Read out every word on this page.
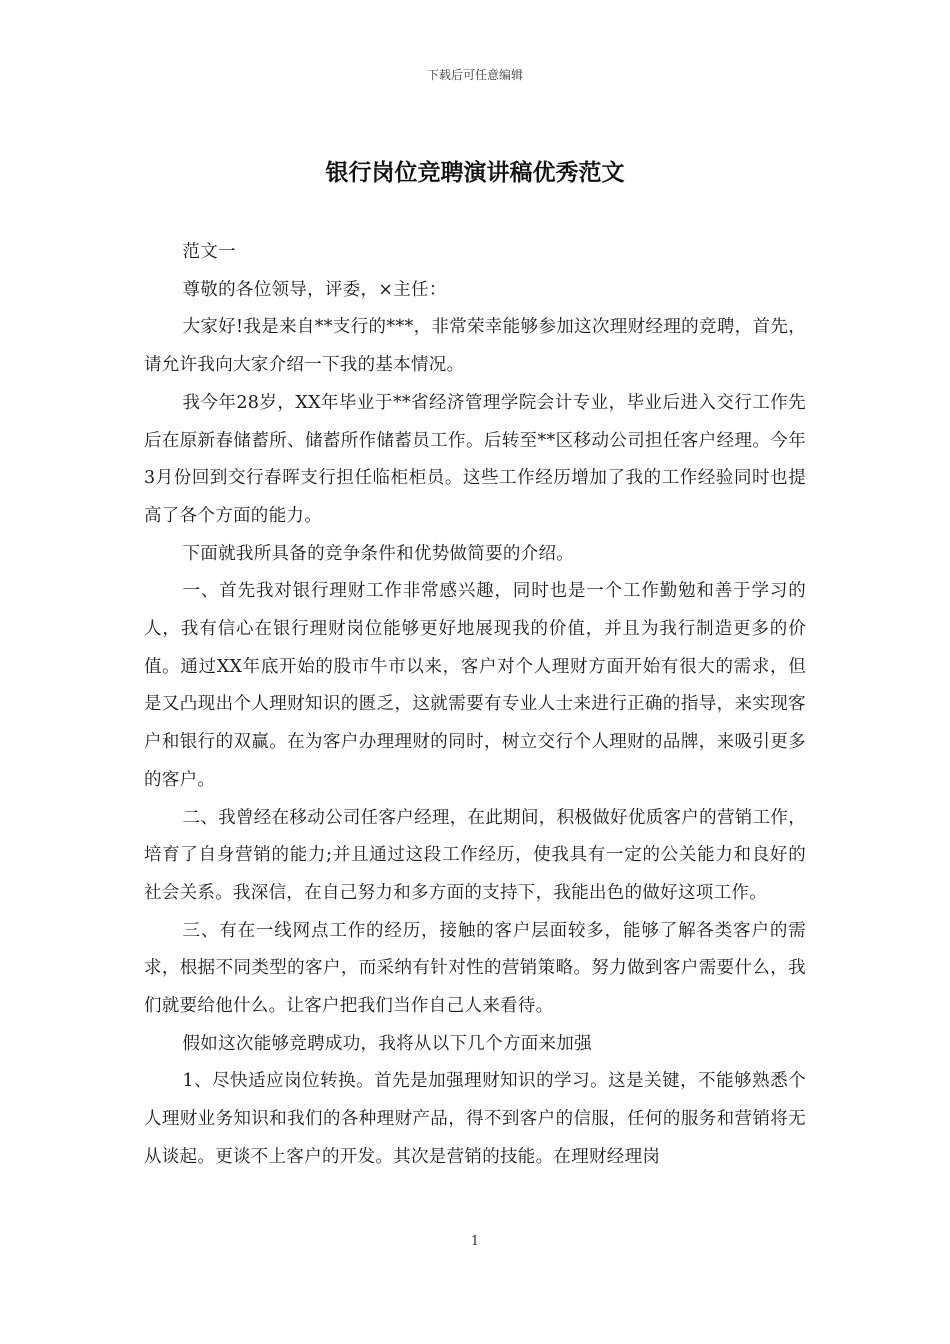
下载后可任意编辑
银行岗位竞聘演讲稿优秀范文

范文一

尊敬的各位领导，评委，×主任：

大家好!我是来自**支行的***，非常荣幸能够参加这次理财经理的竞聘，首先，请允许我向大家介绍一下我的基本情况。

我今年28岁，XX年毕业于**省经济管理学院会计专业，毕业后进入交行工作先后在原新春储蓄所、储蓄所作储蓄员工作。后转至**区移动公司担任客户经理。今年3月份回到交行春晖支行担任临柜柜员。这些工作经历增加了我的工作经验同时也提高了各个方面的能力。

下面就我所具备的竞争条件和优势做简要的介绍。

一、首先我对银行理财工作非常感兴趣，同时也是一个工作勤勉和善于学习的人，我有信心在银行理财岗位能够更好地展现我的价值，并且为我行制造更多的价值。通过XX年底开始的股市牛市以来，客户对个人理财方面开始有很大的需求，但是又凸现出个人理财知识的匮乏，这就需要有专业人士来进行正确的指导，来实现客户和银行的双赢。在为客户办理理财的同时，树立交行个人理财的品牌，来吸引更多的客户。

二、我曾经在移动公司任客户经理，在此期间，积极做好优质客户的营销工作，培育了自身营销的能力;并且通过这段工作经历，使我具有一定的公关能力和良好的社会关系。我深信，在自己努力和多方面的支持下，我能出色的做好这项工作。

三、有在一线网点工作的经历，接触的客户层面较多，能够了解各类客户的需求，根据不同类型的客户，而采纳有针对性的营销策略。努力做到客户需要什么，我们就要给他什么。让客户把我们当作自己人来看待。

假如这次能够竞聘成功，我将从以下几个方面来加强

1、尽快适应岗位转换。首先是加强理财知识的学习。这是关键，不能够熟悉个人理财业务知识和我们的各种理财产品，得不到客户的信服，任何的服务和营销将无从谈起。更谈不上客户的开发。其次是营销的技能。在理财经理岗

1
